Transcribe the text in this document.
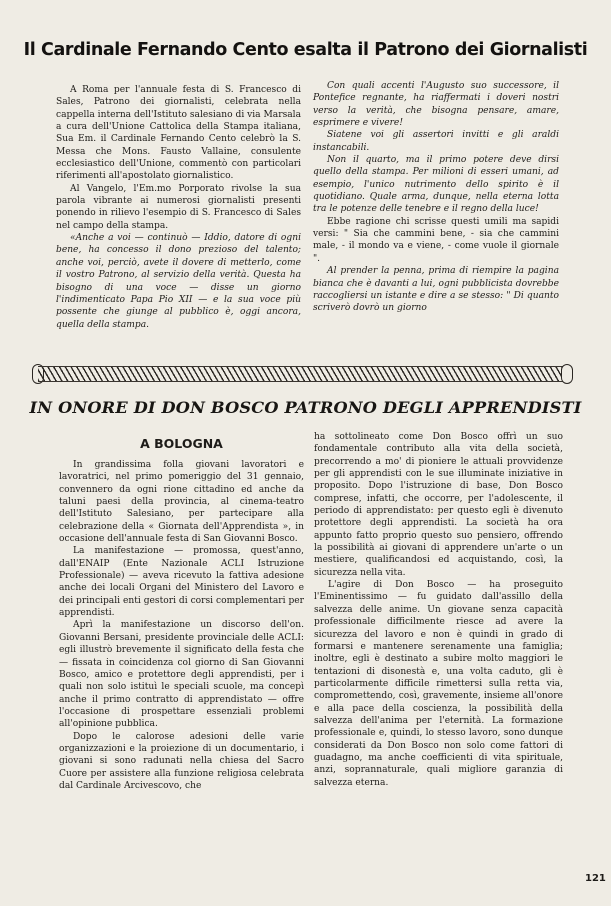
Il Cardinale Fernando Cento esalta il Patrono dei Giornalisti

A Roma per l'annuale festa di S. Francesco di Sales, Patrono dei giornalisti, celebrata nella cappella interna dell'Istituto salesiano di via Marsala a cura dell'Unione Cattolica della Stampa italiana, Sua Em. il Cardinale Fernando Cento celebrò la S. Messa che Mons. Fausto Vallaine, consulente ecclesiastico dell'Unione, commentò con particolari riferimenti all'apostolato giornalistico.

Al Vangelo, l'Em.mo Porporato rivolse la sua parola vibrante ai numerosi giornalisti presenti ponendo in rilievo l'esempio di S. Francesco di Sales nel campo della stampa.

«Anche a voi — continuò — Iddio, datore di ogni bene, ha concesso il dono prezioso del talento; anche voi, perciò, avete il dovere di metterlo, come il vostro Patrono, al servizio della verità. Questa ha bisogno di una voce — disse un giorno l'indimenticato Papa Pio XII — e la sua voce più possente che giunge al pubblico è, oggi ancora, quella della stampa.

Con quali accenti l'Augusto suo successore, il Pontefice regnante, ha riaffermati i doveri nostri verso la verità, che bisogna pensare, amare, esprimere e vivere!

Siatene voi gli assertori invitti e gli araldi instancabili.

Non il quarto, ma il primo potere deve dirsi quello della stampa. Per milioni di esseri umani, ad esempio, l'unico nutrimento dello spirito è il quotidiano. Quale arma, dunque, nella eterna lotta tra le potenze delle tenebre e il regno della luce!

Ebbe ragione chi scrisse questi umili ma sapidi versi: " Sia che cammini bene, - sia che cammini male, - il mondo va e viene, - come vuole il giornale ".

Al prender la penna, prima di riempire la pagina bianca che è davanti a lui, ogni pubblicista dovrebbe raccogliersi un istante e dire a se stesso: " Di quanto scriverò dovrò un giorno

IN ONORE DI DON BOSCO PATRONO DEGLI APPRENDISTI
A BOLOGNA

In grandissima folla giovani lavoratori e lavoratrici, nel primo pomeriggio del 31 gennaio, convennero da ogni rione cittadino ed anche da taluni paesi della provincia, al cinema-teatro dell'Istituto Salesiano, per partecipare alla celebrazione della « Giornata dell'Apprendista », in occasione dell'annuale festa di San Giovanni Bosco.

La manifestazione — promossa, quest'anno, dall'ENAIP (Ente Nazionale ACLI Istruzione Professionale) — aveva ricevuto la fattiva adesione anche dei locali Organi del Ministero del Lavoro e dei principali enti gestori di corsi complementari per apprendisti.

Aprì la manifestazione un discorso dell'on. Giovanni Bersani, presidente provinciale delle ACLI: egli illustrò brevemente il significato della festa che — fissata in coincidenza col giorno di San Giovanni Bosco, amico e protettore degli apprendisti, per i quali non solo istituì le speciali scuole, ma concepì anche il primo contratto di apprendistato — offre l'occasione di prospettare essenziali problemi all'opinione pubblica.

Dopo le calorose adesioni delle varie organizzazioni e la proiezione di un documentario, i giovani si sono radunati nella chiesa del Sacro Cuore per assistere alla funzione religiosa celebrata dal Cardinale Arcivescovo, che

ha sottolineato come Don Bosco offrì un suo fondamentale contributo alla vita della società, precorrendo a mo' di pioniere le attuali provvidenze per gli apprendisti con le sue illuminate iniziative in proposito. Dopo l'istruzione di base, Don Bosco comprese, infatti, che occorre, per l'adolescente, il periodo di apprendistato: per questo egli è divenuto protettore degli apprendisti. La società ha ora appunto fatto proprio questo suo pensiero, offrendo la possibilità ai giovani di apprendere un'arte o un mestiere, qualificandosi ed acquistando, così, la sicurezza nella vita.

L'agire di Don Bosco — ha proseguito l'Eminentissimo — fu guidato dall'assillo della salvezza delle anime. Un giovane senza capacità professionale difficilmente riesce ad avere la sicurezza del lavoro e non è quindi in grado di formarsi e mantenere serenamente una famiglia; inoltre, egli è destinato a subire molto maggiori le tentazioni di disonestà e, una volta caduto, gli è particolarmente difficile rimettersi sulla retta via, compromettendo, così, gravemente, insieme all'onore e alla pace della coscienza, la possibilità della salvezza dell'anima per l'eternità. La formazione professionale e, quindi, lo stesso lavoro, sono dunque considerati da Don Bosco non solo come fattori di guadagno, ma anche coefficienti di vita spirituale, anzi, soprannaturale, quali migliore garanzia di salvezza eterna.

121
